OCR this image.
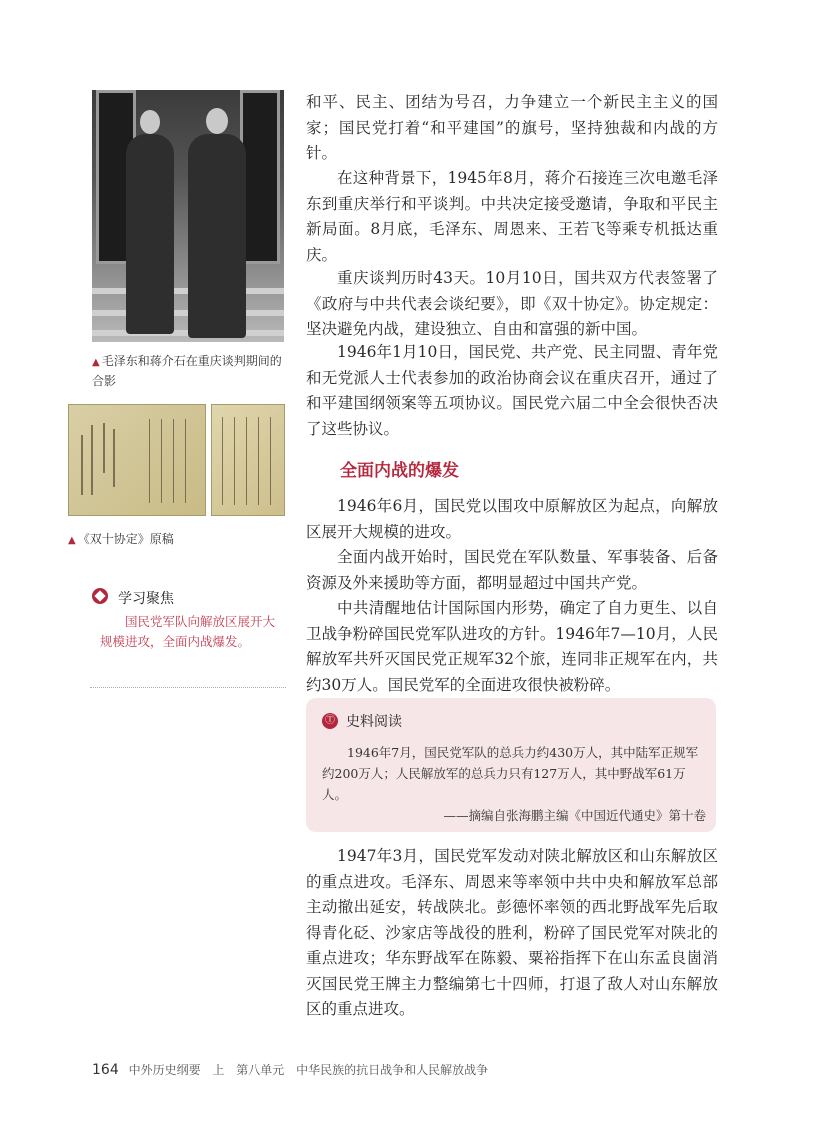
▲ 毛泽东和蒋介石在重庆谈判期间的合影
▲ 《双十协定》原稿
学习聚焦
国民党军队向解放区展开大规模进攻，全面内战爆发。
和平、民主、团结为号召，力争建立一个新民主主义的国家；国民党打着“和平建国”的旗号，坚持独裁和内战的方针。
在这种背景下，1945年8月，蒋介石接连三次电邀毛泽东到重庆举行和平谈判。中共决定接受邀请，争取和平民主新局面。8月底，毛泽东、周恩来、王若飞等乘专机抵达重庆。
重庆谈判历时43天。10月10日，国共双方代表签署了《政府与中共代表会谈纪要》，即《双十协定》。协定规定：坚决避免内战，建设独立、自由和富强的新中国。
1946年1月10日，国民党、共产党、民主同盟、青年党和无党派人士代表参加的政治协商会议在重庆召开，通过了和平建国纲领案等五项协议。国民党六届二中全会很快否决了这些协议。
全面内战的爆发
1946年6月，国民党以围攻中原解放区为起点，向解放区展开大规模的进攻。
全面内战开始时，国民党在军队数量、军事装备、后备资源及外来援助等方面，都明显超过中国共产党。
中共清醒地估计国际国内形势，确定了自力更生、以自卫战争粉碎国民党军队进攻的方针。1946年7—10月，人民解放军共歼灭国民党正规军32个旅，连同非正规军在内，共约30万人。国民党军的全面进攻很快被粉碎。
Ⓣ 史料阅读
1946年7月，国民党军队的总兵力约430万人，其中陆军正规军约200万人；人民解放军的总兵力只有127万人，其中野战军61万人。
——摘编自张海鹏主编《中国近代通史》第十卷
1947年3月，国民党军发动对陕北解放区和山东解放区的重点进攻。毛泽东、周恩来等率领中共中央和解放军总部主动撤出延安，转战陕北。彭德怀率领的西北野战军先后取得青化砭、沙家店等战役的胜利，粉碎了国民党军对陕北的重点进攻；华东野战军在陈毅、粟裕指挥下在山东孟良崮消灭国民党王牌主力整编第七十四师，打退了敌人对山东解放区的重点进攻。
164 中外历史纲要 上 第八单元 中华民族的抗日战争和人民解放战争
